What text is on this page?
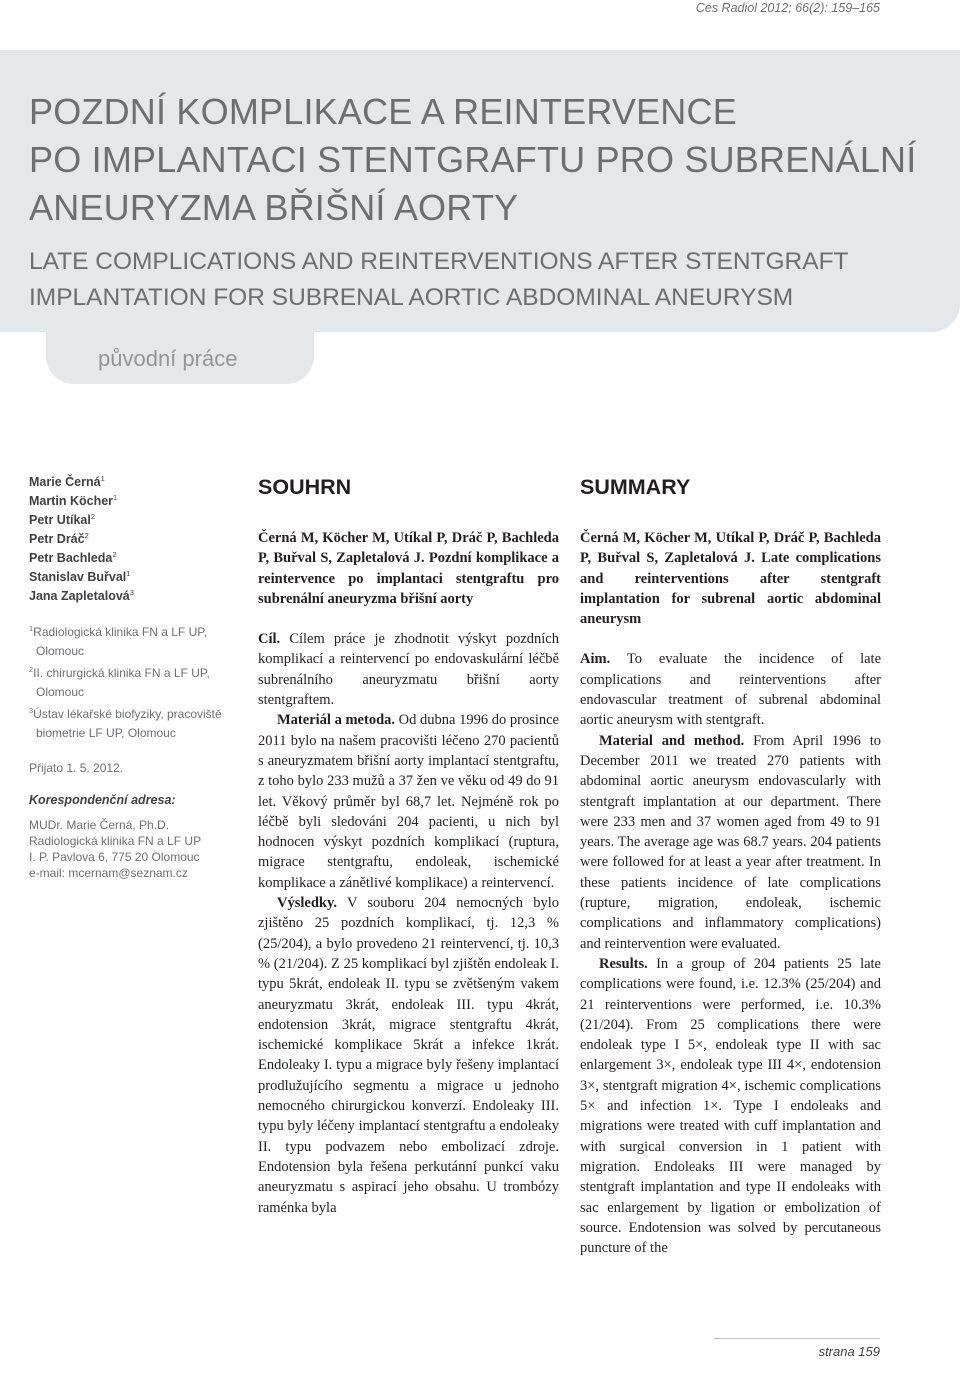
Ces Radiol 2012; 66(2): 159–165
POZDNÍ KOMPLIKACE A REINTERVENCE
PO IMPLANTACI STENTGRAFTU PRO SUBRENÁLNÍ
ANEURYZMA BŘIŠNÍ AORTY
LATE COMPLICATIONS AND REINTERVENTIONS AFTER STENTGRAFT
IMPLANTATION FOR SUBRENAL AORTIC ABDOMINAL ANEURYSM
původní práce
Marie Černá$^1$
Martin Köcher$^1$
Petr Utíkal$^2$
Petr Dráč$^2$
Petr Bachleda$^2$
Stanislav Buřval$^1$
Jana Zapletalová$^3$
$^1$Radiologická klinika FN a LF UP,
Olomouc
$^2$II. chirurgická klinika FN a LF UP,
Olomouc
$^3$Ústav lékařské biofyziky, pracoviště
biometrie LF UP, Olomouc
Přijato 1. 5. 2012.
Korespondenční adresa:
MUDr. Marie Černá, Ph.D.
Radiologická klinika FN a LF UP
I. P. Pavlova 6, 775 20 Olomouc
e-mail: mcernam@seznam.cz
SOUHRN

Černá M, Köcher M, Utíkal P, Dráč P, Bachleda P, Buřval S, Zapletalová J. Pozdní komplikace a reintervence po implantaci stentgraftu pro subrenální aneuryzma břišní aorty

Cíl. Cílem práce je zhodnotit výskyt pozdních komplikací a reintervencí po endovaskulární léčbě subrenálního aneuryzmatu břišní aorty stentgraftem.

Materiál a metoda. Od dubna 1996 do prosince 2011 bylo na našem pracovišti léčeno 270 pacientů s aneuryzmatem břišní aorty implantací stentgraftu, z toho bylo 233 mužů a 37 žen ve věku od 49 do 91 let. Věkový průměr byl 68,7 let. Nejméně rok po léčbě byli sledováni 204 pacienti, u nich byl hodnocen výskyt pozdních komplikací (ruptura, migrace stentgraftu, endoleak, ischemické komplikace a zánětlivé komplikace) a reintervencí.

Výsledky. V souboru 204 nemocných bylo zjištěno 25 pozdních komplikací, tj. 12,3 % (25/204), a bylo provedeno 21 reintervencí, tj. 10,3 % (21/204). Z 25 komplikací byl zjištěn endoleak I. typu 5krát, endoleak II. typu se zvětšeným vakem aneuryzmatu 3krát, endoleak III. typu 4krát, endotension 3krát, migrace stentgraftu 4krát, ischemické komplikace 5krát a infekce 1krát. Endoleaky I. typu a migrace byly řešeny implantací prodlužujícího segmentu a migrace u jednoho nemocného chirurgickou konverzí. Endoleaky III. typu byly léčeny implantací stentgraftu a endoleaky II. typu podvazem nebo embolizací zdroje. Endotension byla řešena perkutánní punkcí vaku aneuryzmatu s aspirací jeho obsahu. U trombózy raménka byla

SUMMARY

Černá M, Köcher M, Utíkal P, Dráč P, Bachleda P, Buřval S, Zapletalová J. Late complications and reinterventions after stentgraft implantation for subrenal aortic abdominal aneurysm

Aim. To evaluate the incidence of late complications and reinterventions after endovascular treatment of subrenal abdominal aortic aneurysm with stentgraft.

Material and method. From April 1996 to December 2011 we treated 270 patients with abdominal aortic aneurysm endovascularly with stentgraft implantation at our department. There were 233 men and 37 women aged from 49 to 91 years. The average age was 68.7 years. 204 patients were followed for at least a year after treatment. In these patients incidence of late complications (rupture, migration, endoleak, ischemic complications and inflammatory complications) and reintervention were evaluated.

Results. In a group of 204 patients 25 late complications were found, i.e. 12.3% (25/204) and 21 reinterventions were performed, i.e. 10.3% (21/204). From 25 complications there were endoleak type I 5×, endoleak type II with sac enlargement 3×, endoleak type III 4×, endotension 3×, stentgraft migration 4×, ischemic complications 5× and infection 1×. Type I endoleaks and migrations were treated with cuff implantation and with surgical conversion in 1 patient with migration. Endoleaks III were managed by stentgraft implantation and type II endoleaks with sac enlargement by ligation or embolization of source. Endotension was solved by percutaneous puncture of the

strana 159
